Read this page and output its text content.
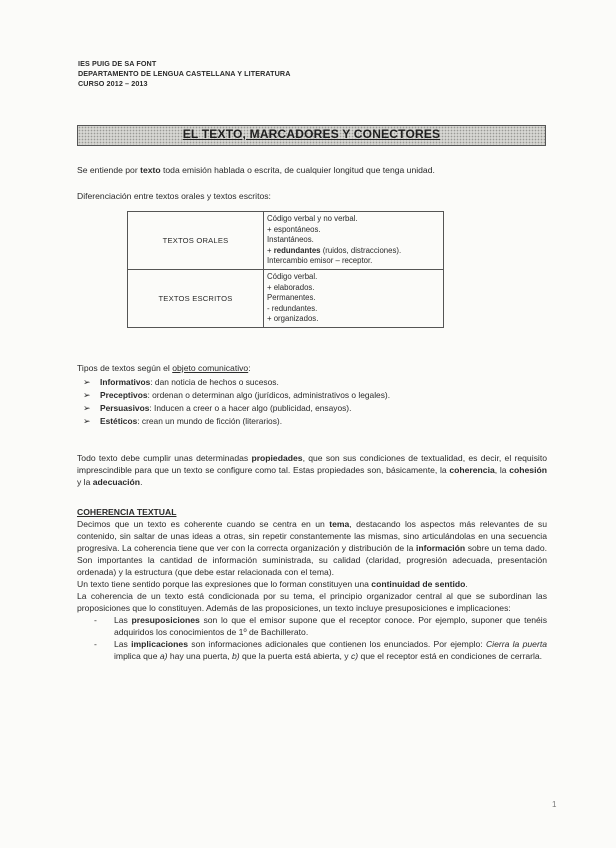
IES PUIG DE SA FONT
DEPARTAMENTO DE LENGUA CASTELLANA Y LITERATURA
CURSO 2012 – 2013
EL TEXTO, MARCADORES Y CONECTORES
Se entiende por texto toda emisión hablada o escrita, de cualquier longitud que tenga unidad.
Diferenciación entre textos orales y textos escritos:
TEXTOS ORALES	Código verbal y no verbal.
+ espontáneos.
Instantáneos.
+ redundantes (ruidos, distracciones).
Intercambio emisor – receptor.

TEXTOS ESCRITOS	Código verbal.
+ elaborados.
Permanentes.
- redundantes.
+ organizados.
Tipos de textos según el objeto comunicativo:
➢ Informativos: dan noticia de hechos o sucesos.
➢ Preceptivos: ordenan o determinan algo (jurídicos, administrativos o legales).
➢ Persuasivos: Inducen a creer o a hacer algo (publicidad, ensayos).
➢ Estéticos: crean un mundo de ficción (literarios).
Todo texto debe cumplir unas determinadas propiedades, que son sus condiciones de textualidad, es decir, el requisito imprescindible para que un texto se configure como tal. Estas propiedades son, básicamente, la coherencia, la cohesión y la adecuación.
COHERENCIA TEXTUAL
Decimos que un texto es coherente cuando se centra en un tema, destacando los aspectos más relevantes de su contenido, sin saltar de unas ideas a otras, sin repetir constantemente las mismas, sino articulándolas en una secuencia progresiva. La coherencia tiene que ver con la correcta organización y distribución de la información sobre un tema dado. Son importantes la cantidad de información suministrada, su calidad (claridad, progresión adecuada, presentación ordenada) y la estructura (que debe estar relacionada con el tema).
Un texto tiene sentido porque las expresiones que lo forman constituyen una continuidad de sentido.
La coherencia de un texto está condicionada por su tema, el principio organizador central al que se subordinan las proposiciones que lo constituyen. Además de las proposiciones, un texto incluye presuposiciones e implicaciones:
- Las presuposiciones son lo que el emisor supone que el receptor conoce. Por ejemplo, suponer que tenéis adquiridos los conocimientos de 1º de Bachillerato.
- Las implicaciones son informaciones adicionales que contienen los enunciados. Por ejemplo: Cierra la puerta implica que a) hay una puerta, b) que la puerta está abierta, y c) que el receptor está en condiciones de cerrarla.
1
